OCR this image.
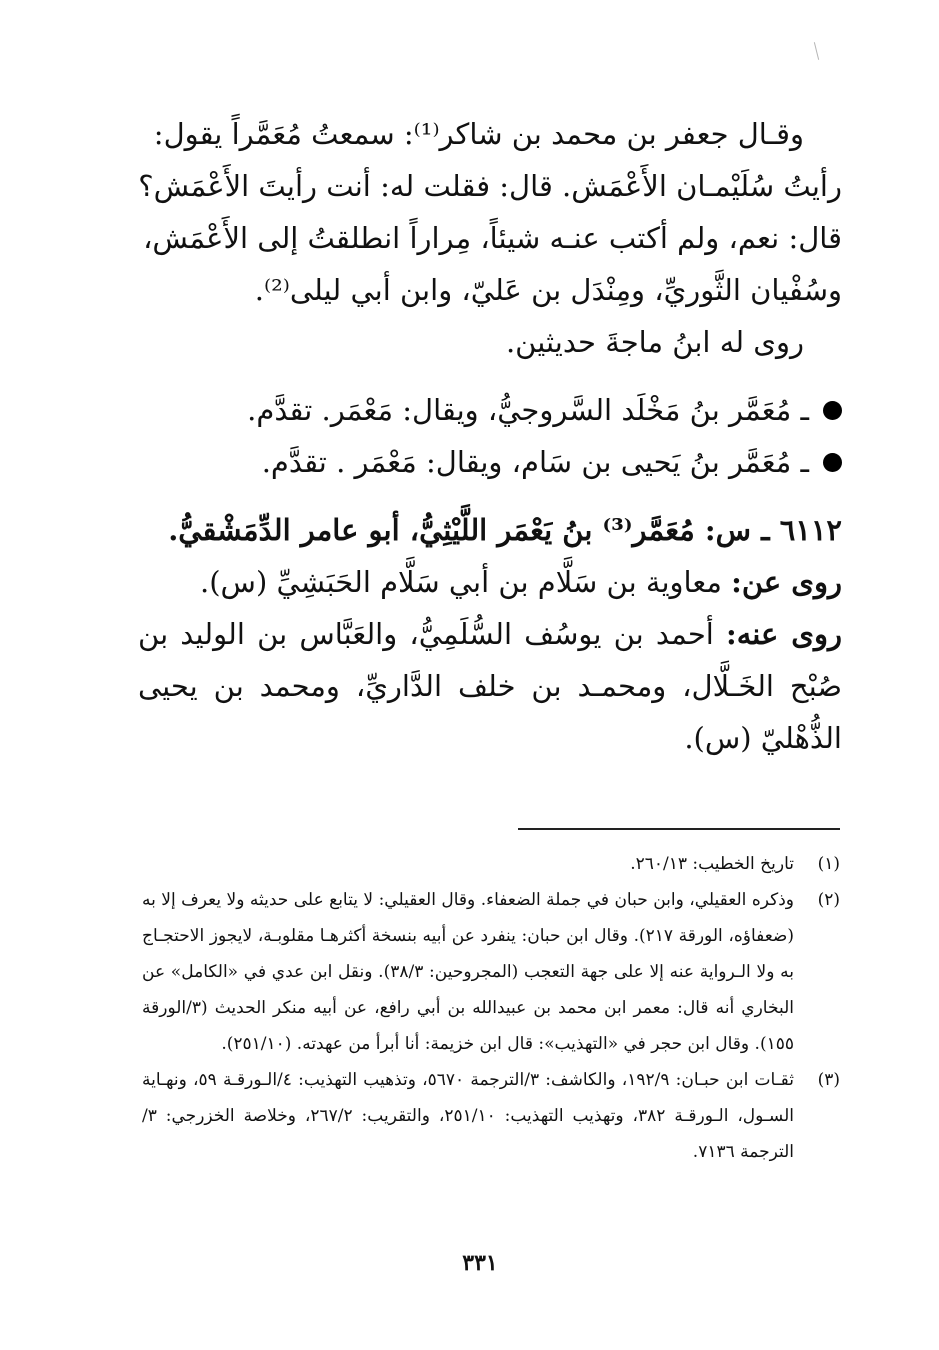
وقـال جعفر بن محمد بن شاكر⁽¹⁾: سمعتُ مُعَمَّراً يقول:

رأيتُ سُلَيْمـان الأَعْمَش. قال: فقلت له: أنت رأيتَ الأَعْمَش؟

قال: نعم، ولم أكتب عنـه شيئاً، مِراراً انطلقتُ إلى الأَعْمَش،

وسُفْيان الثَّوريِّ، ومِنْدَل بن عَليّ، وابن أبي ليلى⁽²⁾.

روى له ابنُ ماجةَ حديثين.

ـ مُعَمَّر بنُ مَخْلَد السَّروجيُّ، ويقال: مَعْمَر. تقدَّم.
ـ مُعَمَّر بنُ يَحيى بن سَام، ويقال: مَعْمَر . تقدَّم.

٦١١٢ ـ س: مُعَمَّر⁽³⁾ بنُ يَعْمَر اللَّيْثِيُّ، أبو عامر الدِّمَشْقيُّ.

روى عن: معاوية بن سَلَّام بن أبي سَلَّام الحَبَشِيِّ (س).

روى عنه: أحمد بن يوسُف السُّلَمِيُّ، والعَبَّاس بن الوليد بن صُبْح الخَـلَّال، ومحمـد بن خلف الدَّاريِّ، ومحمد بن يحيى الذُّهْليّ (س).

(١)
تاريخ الخطيب: ٢٦٠/١٣.
(٢)
وذكره العقيلي، وابن حبان في جملة الضعفاء. وقال العقيلي: لا يتابع على حديثه ولا يعرف إلا به (ضعفاؤه، الورقة ٢١٧). وقال ابن حبان: ينفرد عن أبيه بنسخة أكثرهـا مقلوبـة، لايجوز الاحتجـاج به ولا الـرواية عنه إلا على جهة التعجب (المجروحين: ٣٨/٣). ونقل ابن عدي في «الكامل» عن البخاري أنه قال: معمر ابن محمد بن عبيدالله بن أبي رافع، عن أبيه منكر الحديث (٣/الورقة ١٥٥). وقال ابن حجر في «التهذيب»: قال ابن خزيمة: أنا أبرأ من عهدته. (٢٥١/١٠).
(٣)
ثقـات ابن حبـان: ١٩٢/٩، والكاشف: ٣/الترجمة ٥٦٧٠، وتذهيب التهذيب: ٤/الـورقـة ٥٩، ونهـاية السـول، الـورقـة ٣٨٢، وتهذيب التهذيب: ٢٥١/١٠، والتقريب: ٢٦٧/٢، وخلاصة الخزرجي: ٣/الترجمة ٧١٣٦.
٣٣١
